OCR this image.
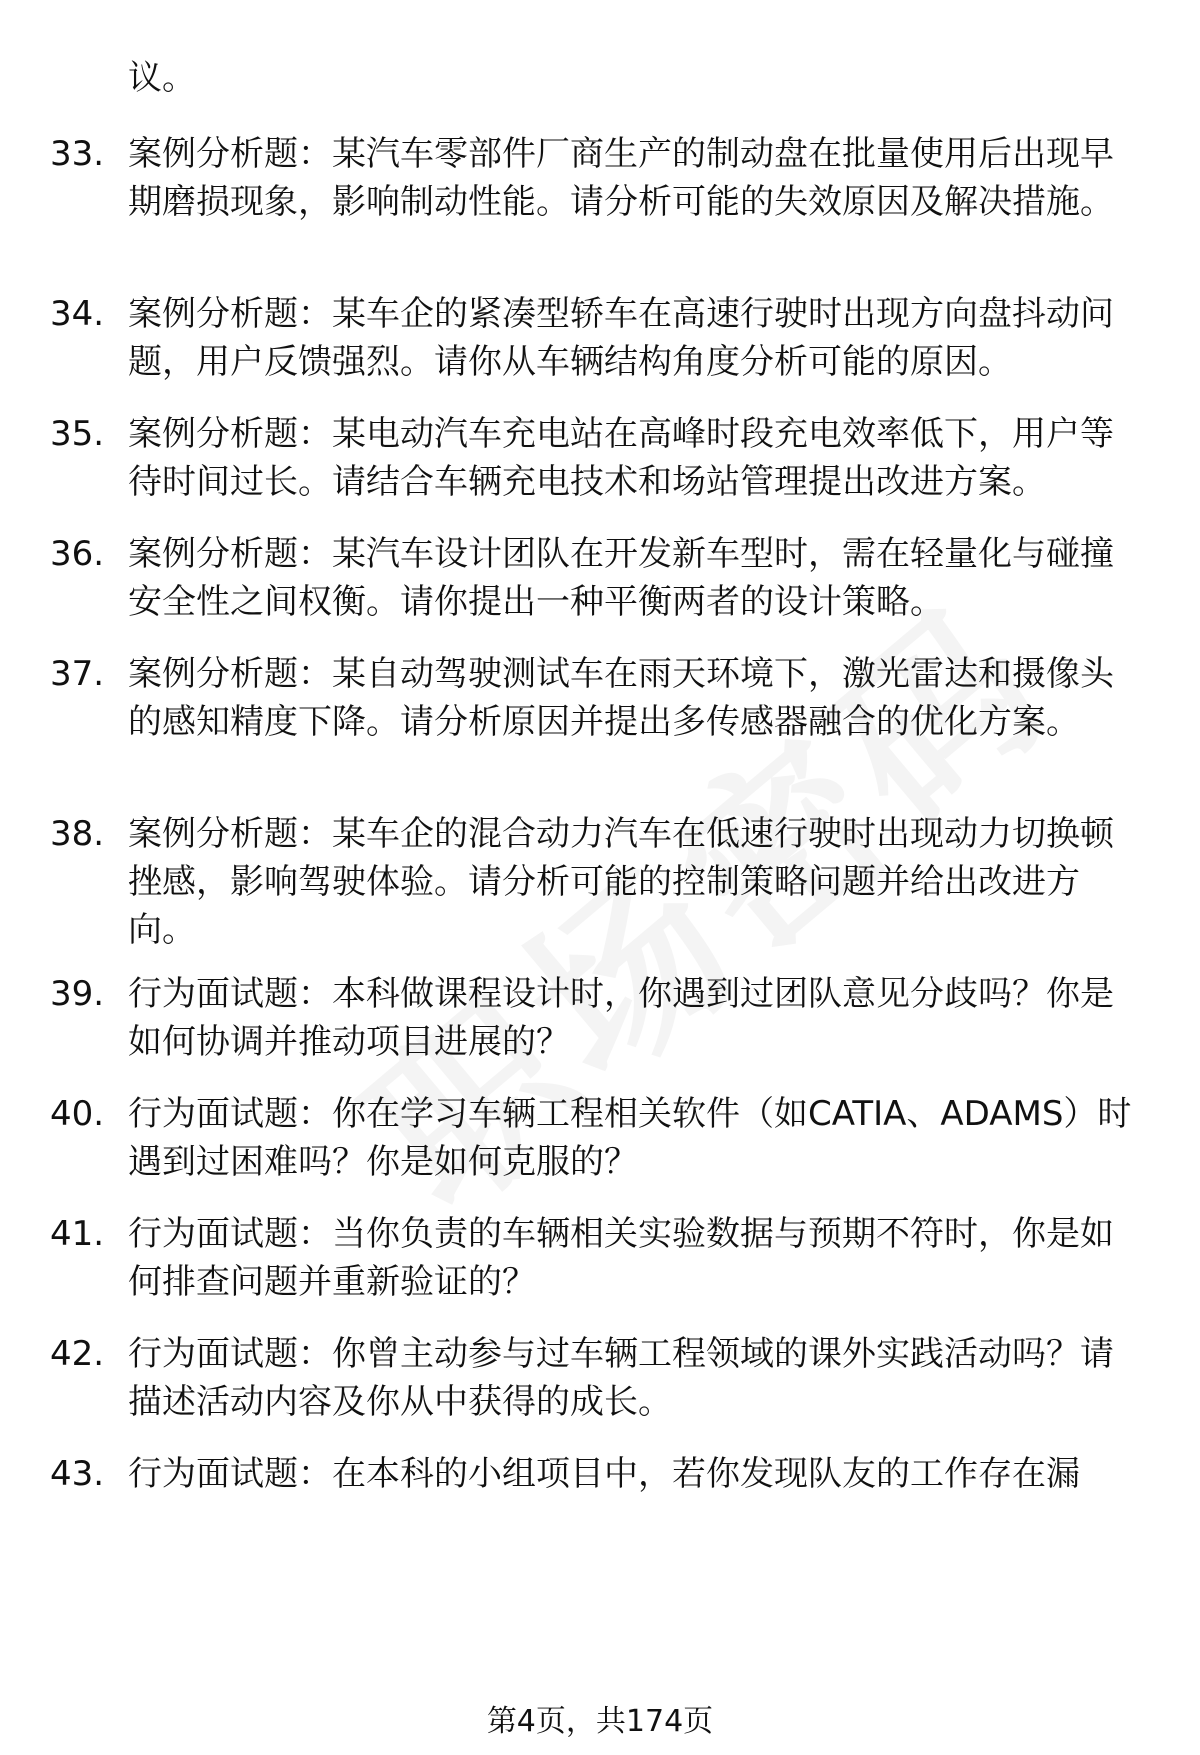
议。
33. 案例分析题：某汽车零部件厂商生产的制动盘在批量使用后出现早期磨损现象，影响制动性能。请分析可能的失效原因及解决措施。
34. 案例分析题：某车企的紧凑型轿车在高速行驶时出现方向盘抖动问题，用户反馈强烈。请你从车辆结构角度分析可能的原因。
35. 案例分析题：某电动汽车充电站在高峰时段充电效率低下，用户等待时间过长。请结合车辆充电技术和场站管理提出改进方案。
36. 案例分析题：某汽车设计团队在开发新车型时，需在轻量化与碰撞安全性之间权衡。请你提出一种平衡两者的设计策略。
37. 案例分析题：某自动驾驶测试车在雨天环境下，激光雷达和摄像头的感知精度下降。请分析原因并提出多传感器融合的优化方案。
38. 案例分析题：某车企的混合动力汽车在低速行驶时出现动力切换顿挫感，影响驾驶体验。请分析可能的控制策略问题并给出改进方向。
39. 行为面试题：本科做课程设计时，你遇到过团队意见分歧吗？你是如何协调并推动项目进展的？
40. 行为面试题：你在学习车辆工程相关软件（如CATIA、ADAMS）时遇到过困难吗？你是如何克服的？
41. 行为面试题：当你负责的车辆相关实验数据与预期不符时，你是如何排查问题并重新验证的？
42. 行为面试题：你曾主动参与过车辆工程领域的课外实践活动吗？请描述活动内容及你从中获得的成长。
43. 行为面试题：在本科的小组项目中，若你发现队友的工作存在漏
第4页，共174页
